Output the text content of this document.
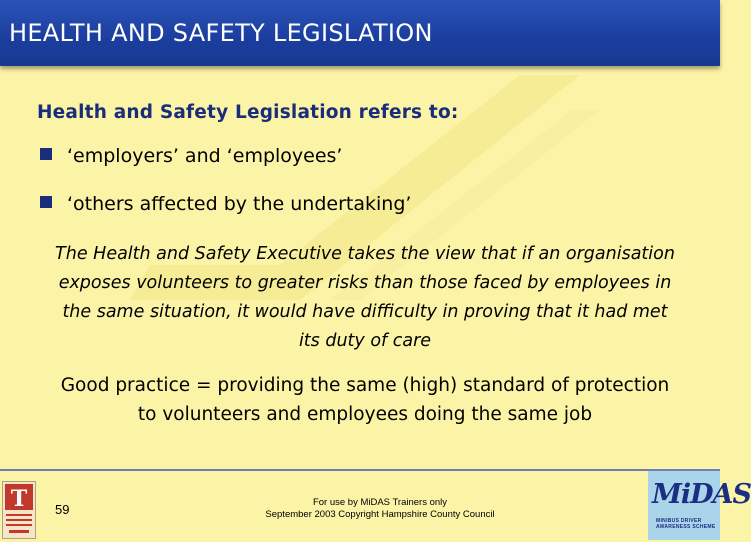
HEALTH AND SAFETY LEGISLATION
Health and Safety Legislation refers to:
‘employers’ and ‘employees’
‘others affected by the undertaking’
The Health and Safety Executive takes the view that if an organisation
exposes volunteers to greater risks than those faced by employees in
the same situation, it would have difficulty in proving that it had met
its duty of care
Good practice = providing the same (high) standard of protection
to volunteers and employees doing the same job
T 59	For use by MiDAS Trainers only
September 2003 Copyright Hampshire County Council
MiDAS
MINIBUS DRIVER AWARENESS SCHEME
